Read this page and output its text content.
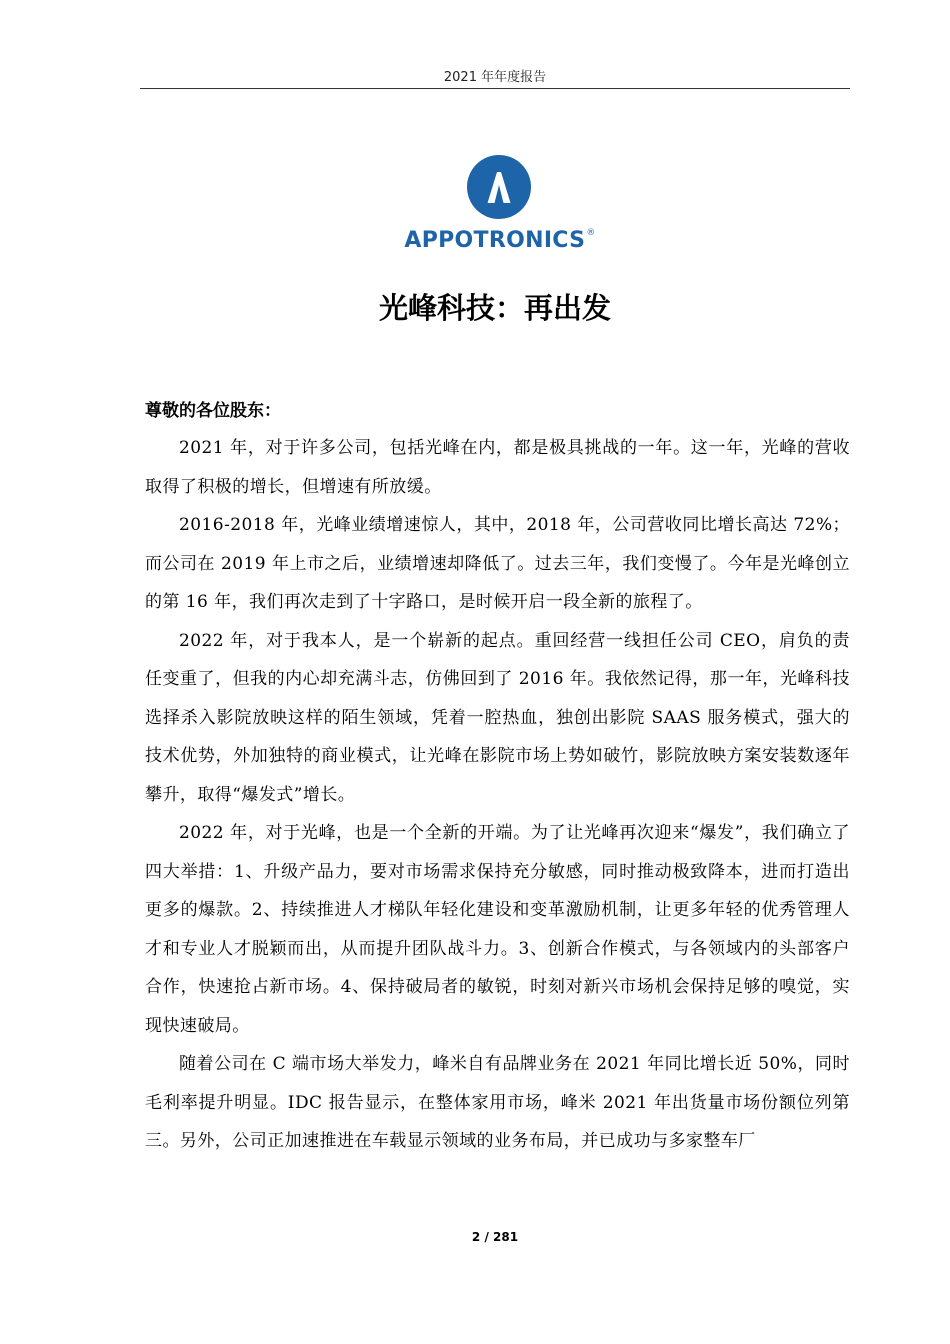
2021 年年度报告
APPOTRONICS®
光峰科技：再出发
尊敬的各位股东：

2021 年，对于许多公司，包括光峰在内，都是极具挑战的一年。这一年，光峰的营收取得了积极的增长，但增速有所放缓。

2016-2018 年，光峰业绩增速惊人，其中，2018 年，公司营收同比增长高达 72%；而公司在 2019 年上市之后，业绩增速却降低了。过去三年，我们变慢了。今年是光峰创立的第 16 年，我们再次走到了十字路口，是时候开启一段全新的旅程了。

2022 年，对于我本人，是一个崭新的起点。重回经营一线担任公司 CEO，肩负的责任变重了，但我的内心却充满斗志，仿佛回到了 2016 年。我依然记得，那一年，光峰科技选择杀入影院放映这样的陌生领域，凭着一腔热血，独创出影院 SAAS 服务模式，强大的技术优势，外加独特的商业模式，让光峰在影院市场上势如破竹，影院放映方案安装数逐年攀升，取得“爆发式”增长。

2022 年，对于光峰，也是一个全新的开端。为了让光峰再次迎来“爆发”，我们确立了四大举措：1、升级产品力，要对市场需求保持充分敏感，同时推动极致降本，进而打造出更多的爆款。2、持续推进人才梯队年轻化建设和变革激励机制，让更多年轻的优秀管理人才和专业人才脱颖而出，从而提升团队战斗力。3、创新合作模式，与各领域内的头部客户合作，快速抢占新市场。4、保持破局者的敏锐，时刻对新兴市场机会保持足够的嗅觉，实现快速破局。

随着公司在 C 端市场大举发力，峰米自有品牌业务在 2021 年同比增长近 50%，同时毛利率提升明显。IDC 报告显示，在整体家用市场，峰米 2021 年出货量市场份额位列第三。另外，公司正加速推进在车载显示领域的业务布局，并已成功与多家整车厂

2 / 281
